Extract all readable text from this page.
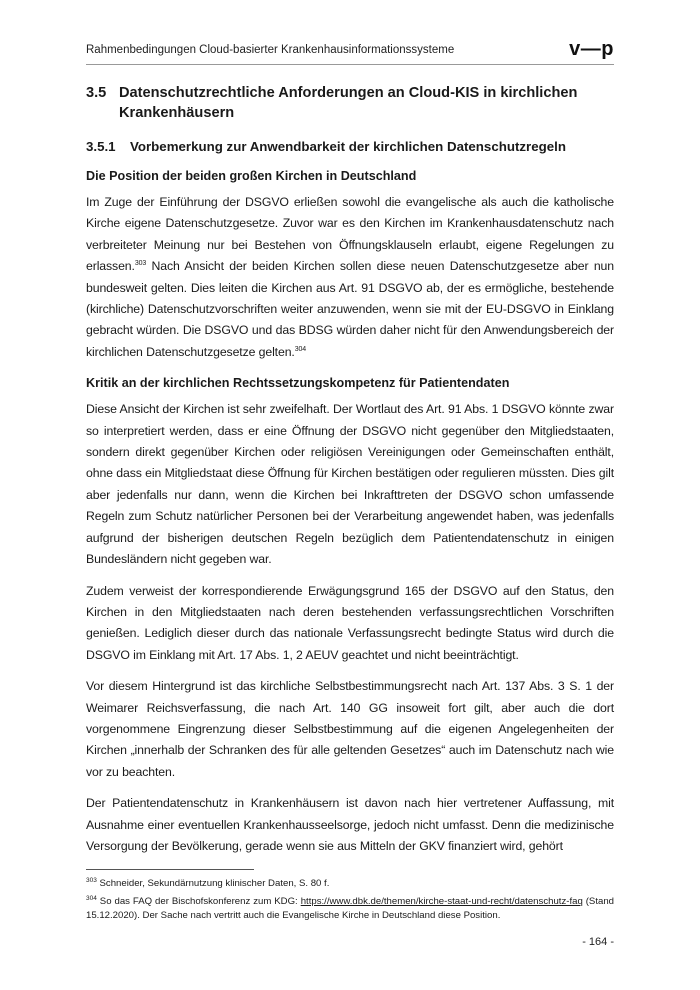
Rahmenbedingungen Cloud-basierter Krankenhausinformationssysteme	v—p
3.5 Datenschutzrechtliche Anforderungen an Cloud-KIS in kirchlichen Krankenhäusern
3.5.1	Vorbemerkung zur Anwendbarkeit der kirchlichen Datenschutzregeln
Die Position der beiden großen Kirchen in Deutschland

Im Zuge der Einführung der DSGVO erließen sowohl die evangelische als auch die katholische Kirche eigene Datenschutzgesetze. Zuvor war es den Kirchen im Krankenhausdatenschutz nach verbreiteter Meinung nur bei Bestehen von Öffnungsklauseln erlaubt, eigene Regelungen zu erlassen.$^{303}$ Nach Ansicht der beiden Kirchen sollen diese neuen Datenschutzgesetze aber nun bundesweit gelten. Dies leiten die Kirchen aus Art. 91 DSGVO ab, der es ermögliche, bestehende (kirchliche) Datenschutzvorschriften weiter anzuwenden, wenn sie mit der EU-DSGVO in Einklang gebracht würden. Die DSGVO und das BDSG würden daher nicht für den Anwendungsbereich der kirchlichen Datenschutzgesetze gelten.$^{304}$

Kritik an der kirchlichen Rechtssetzungskompetenz für Patientendaten

Diese Ansicht der Kirchen ist sehr zweifelhaft. Der Wortlaut des Art. 91 Abs. 1 DSGVO könnte zwar so interpretiert werden, dass er eine Öffnung der DSGVO nicht gegenüber den Mitgliedstaaten, sondern direkt gegenüber Kirchen oder religiösen Vereinigungen oder Gemeinschaften enthält, ohne dass ein Mitgliedstaat diese Öffnung für Kirchen bestätigen oder regulieren müssten. Dies gilt aber jedenfalls nur dann, wenn die Kirchen bei Inkrafttreten der DSGVO schon umfassende Regeln zum Schutz natürlicher Personen bei der Verarbeitung angewendet haben, was jedenfalls aufgrund der bisherigen deutschen Regeln bezüglich dem Patientendatenschutz in einigen Bundesländern nicht gegeben war.

Zudem verweist der korrespondierende Erwägungsgrund 165 der DSGVO auf den Status, den Kirchen in den Mitgliedstaaten nach deren bestehenden verfassungsrechtlichen Vorschriften genießen. Lediglich dieser durch das nationale Verfassungsrecht bedingte Status wird durch die DSGVO im Einklang mit Art. 17 Abs. 1, 2 AEUV geachtet und nicht beeinträchtigt.

Vor diesem Hintergrund ist das kirchliche Selbstbestimmungsrecht nach Art. 137 Abs. 3 S. 1 der Weimarer Reichsverfassung, die nach Art. 140 GG insoweit fort gilt, aber auch die dort vorgenommene Eingrenzung dieser Selbstbestimmung auf die eigenen Angelegenheiten der Kirchen „innerhalb der Schranken des für alle geltenden Gesetzes“ auch im Datenschutz nach wie vor zu beachten.

Der Patientendatenschutz in Krankenhäusern ist davon nach hier vertretener Auffassung, mit Ausnahme einer eventuellen Krankenhausseelsorge, jedoch nicht umfasst. Denn die medizinische Versorgung der Bevölkerung, gerade wenn sie aus Mitteln der GKV finanziert wird, gehört

$^{303}$ Schneider, Sekundärnutzung klinischer Daten, S. 80 f.
$^{304}$ So das FAQ der Bischofskonferenz zum KDG: https://www.dbk.de/themen/kirche-staat-und-recht/datenschutz-faq (Stand 15.12.2020). Der Sache nach vertritt auch die Evangelische Kirche in Deutschland diese Position.
- 164 -
